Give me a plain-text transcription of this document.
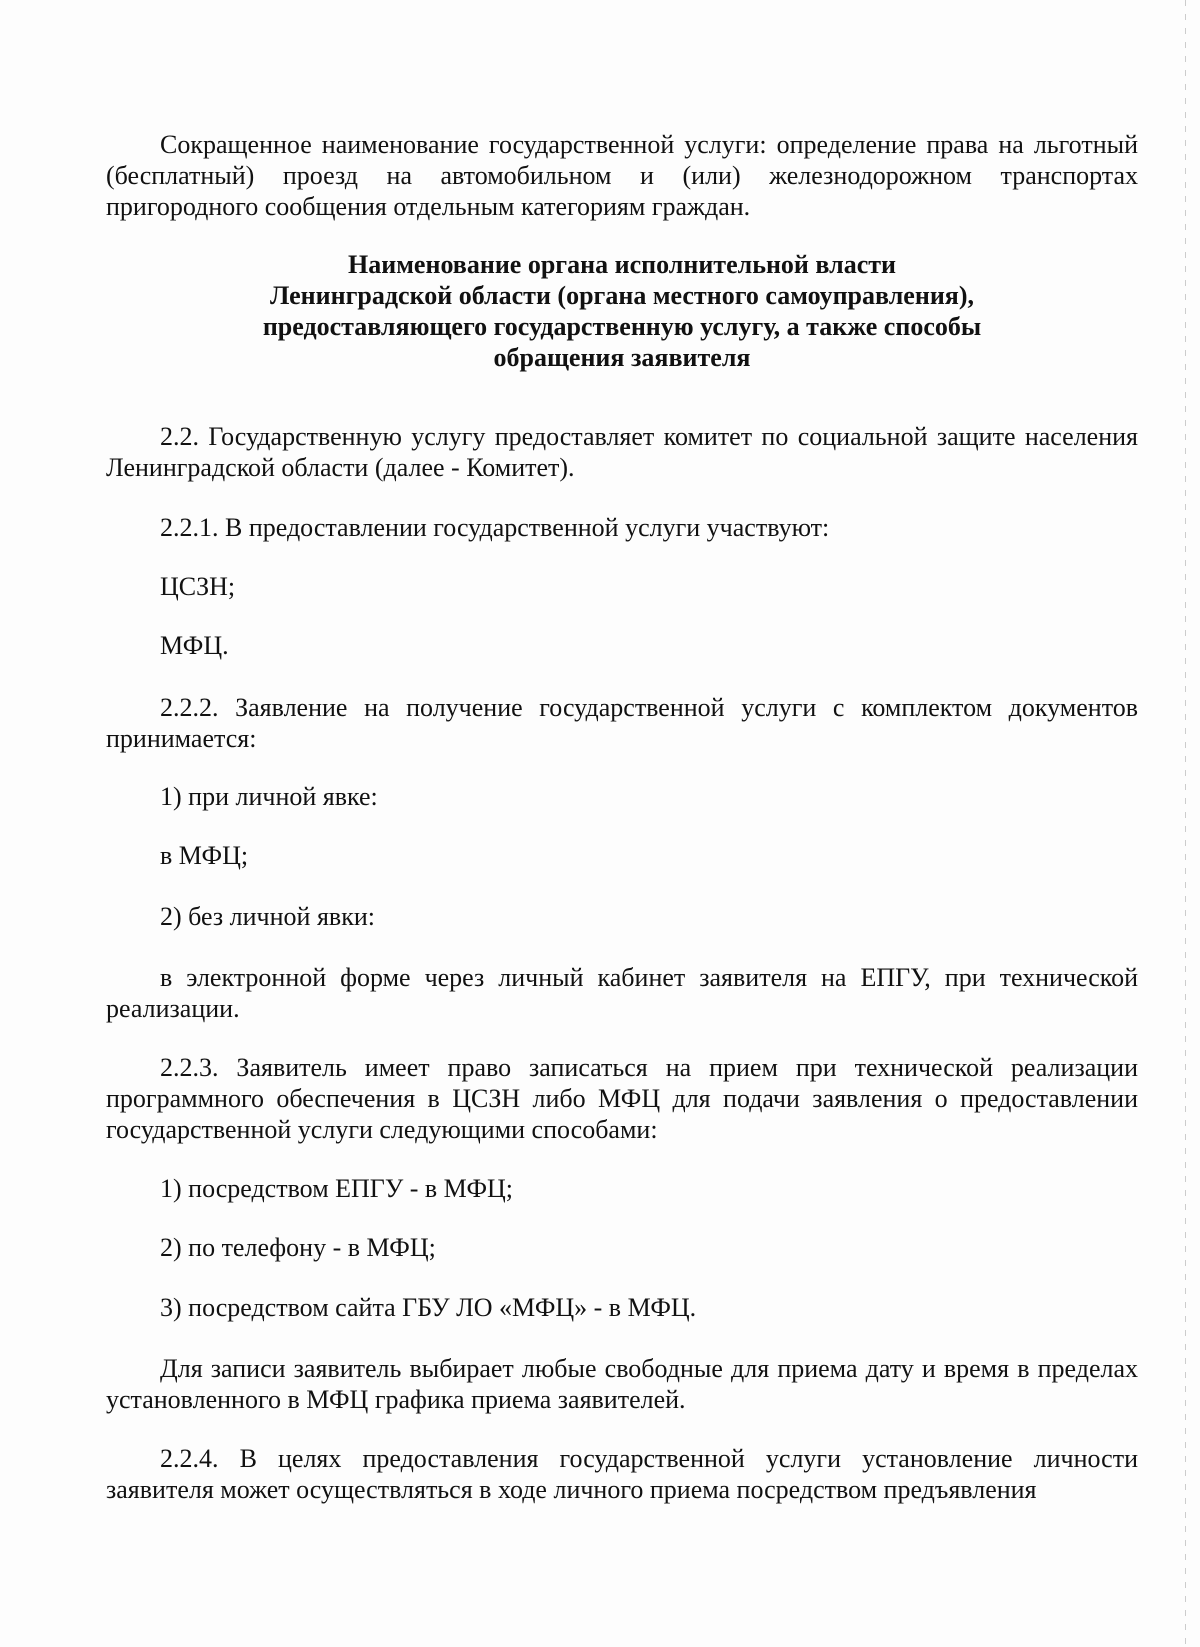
Сокращенное наименование государственной услуги: определение права на льготный (бесплатный) проезд на автомобильном и (или) железнодорожном транспортах пригородного сообщения отдельным категориям граждан.

Наименование органа исполнительной власти
Ленинградской области (органа местного самоуправления),
предоставляющего государственную услугу, а также способы
обращения заявителя

2.2. Государственную услугу предоставляет комитет по социальной защите населения Ленинградской области (далее - Комитет).

2.2.1. В предоставлении государственной услуги участвуют:

ЦСЗН;

МФЦ.

2.2.2. Заявление на получение государственной услуги с комплектом документов принимается:

1) при личной явке:

в МФЦ;

2) без личной явки:

в электронной форме через личный кабинет заявителя на ЕПГУ, при технической реализации.

2.2.3. Заявитель имеет право записаться на прием при технической реализации программного обеспечения в ЦСЗН либо МФЦ для подачи заявления о предоставлении государственной услуги следующими способами:

1) посредством ЕПГУ - в МФЦ;

2) по телефону - в МФЦ;

3) посредством сайта ГБУ ЛО «МФЦ» - в МФЦ.

Для записи заявитель выбирает любые свободные для приема дату и время в пределах установленного в МФЦ графика приема заявителей.

2.2.4. В целях предоставления государственной услуги установление личности заявителя может осуществляться в ходе личного приема посредством предъявления
